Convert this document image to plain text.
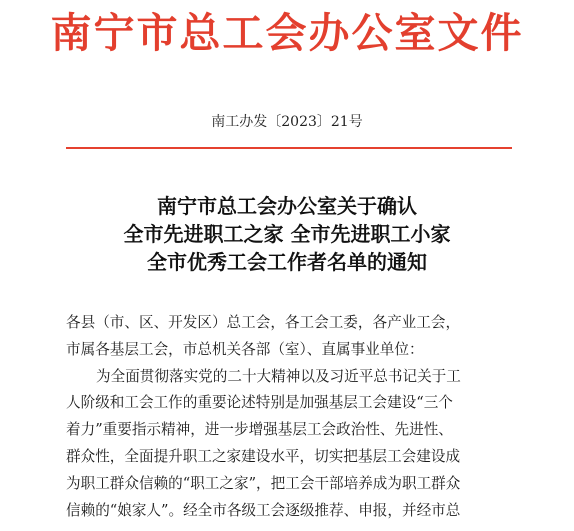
南宁市总工会办公室文件
南工办发〔2023〕21号
南宁市总工会办公室关于确认
全市先进职工之家 全市先进职工小家
全市优秀工会工作者名单的通知
各县（市、区、开发区）总工会，各工会工委，各产业工会，
市属各基层工会，市总机关各部（室）、直属事业单位：
为全面贯彻落实党的二十大精神以及习近平总书记关于工
人阶级和工会工作的重要论述特别是加强基层工会建设“三个
着力”重要指示精神，进一步增强基层工会政治性、先进性、
群众性，全面提升职工之家建设水平，切实把基层工会建设成
为职工群众信赖的“职工之家”，把工会干部培养成为职工群众
信赖的“娘家人”。经全市各级工会逐级推荐、申报，并经市总
